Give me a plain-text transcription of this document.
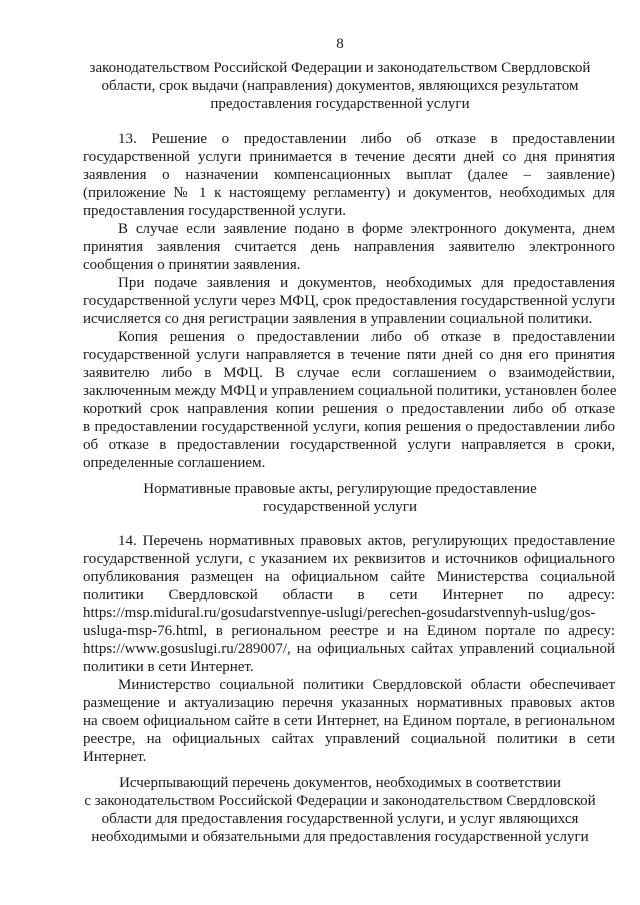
8
законодательством Российской Федерации и законодательством Свердловской
области, срок выдачи (направления) документов, являющихся результатом
предоставления государственной услуги
13. Решение о предоставлении либо об отказе в предоставлении
государственной услуги принимается в течение десяти дней со дня принятия
заявления о назначении компенсационных выплат (далее – заявление)
(приложение № 1 к настоящему регламенту) и документов, необходимых для
предоставления государственной услуги.
В случае если заявление подано в форме электронного документа, днем
принятия заявления считается день направления заявителю электронного
сообщения о принятии заявления.
При подаче заявления и документов, необходимых для предоставления
государственной услуги через МФЦ, срок предоставления государственной услуги
исчисляется со дня регистрации заявления в управлении социальной политики.
Копия решения о предоставлении либо об отказе в предоставлении
государственной услуги направляется в течение пяти дней со дня его принятия
заявителю либо в МФЦ. В случае если соглашением о взаимодействии,
заключенным между МФЦ и управлением социальной политики, установлен более
короткий срок направления копии решения о предоставлении либо об отказе
в предоставлении государственной услуги, копия решения о предоставлении либо
об отказе в предоставлении государственной услуги направляется в сроки,
определенные соглашением.
Нормативные правовые акты, регулирующие предоставление
государственной услуги
14. Перечень нормативных правовых актов, регулирующих предоставление
государственной услуги, с указанием их реквизитов и источников официального
опубликования размещен на официальном сайте Министерства социальной
политики Свердловской области в сети Интернет по адресу:
https://msp.midural.ru/gosudarstvennye-uslugi/perechen-gosudarstvennyh-uslug/gos-
usluga-msp-76.html, в региональном реестре и на Едином портале по адресу:
https://www.gosuslugi.ru/289007/, на официальных сайтах управлений социальной
политики в сети Интернет.
Министерство социальной политики Свердловской области обеспечивает
размещение и актуализацию перечня указанных нормативных правовых актов
на своем официальном сайте в сети Интернет, на Едином портале, в региональном
реестре, на официальных сайтах управлений социальной политики в сети
Интернет.
Исчерпывающий перечень документов, необходимых в соответствии
с законодательством Российской Федерации и законодательством Свердловской
области для предоставления государственной услуги, и услуг являющихся
необходимыми и обязательными для предоставления государственной услуги
